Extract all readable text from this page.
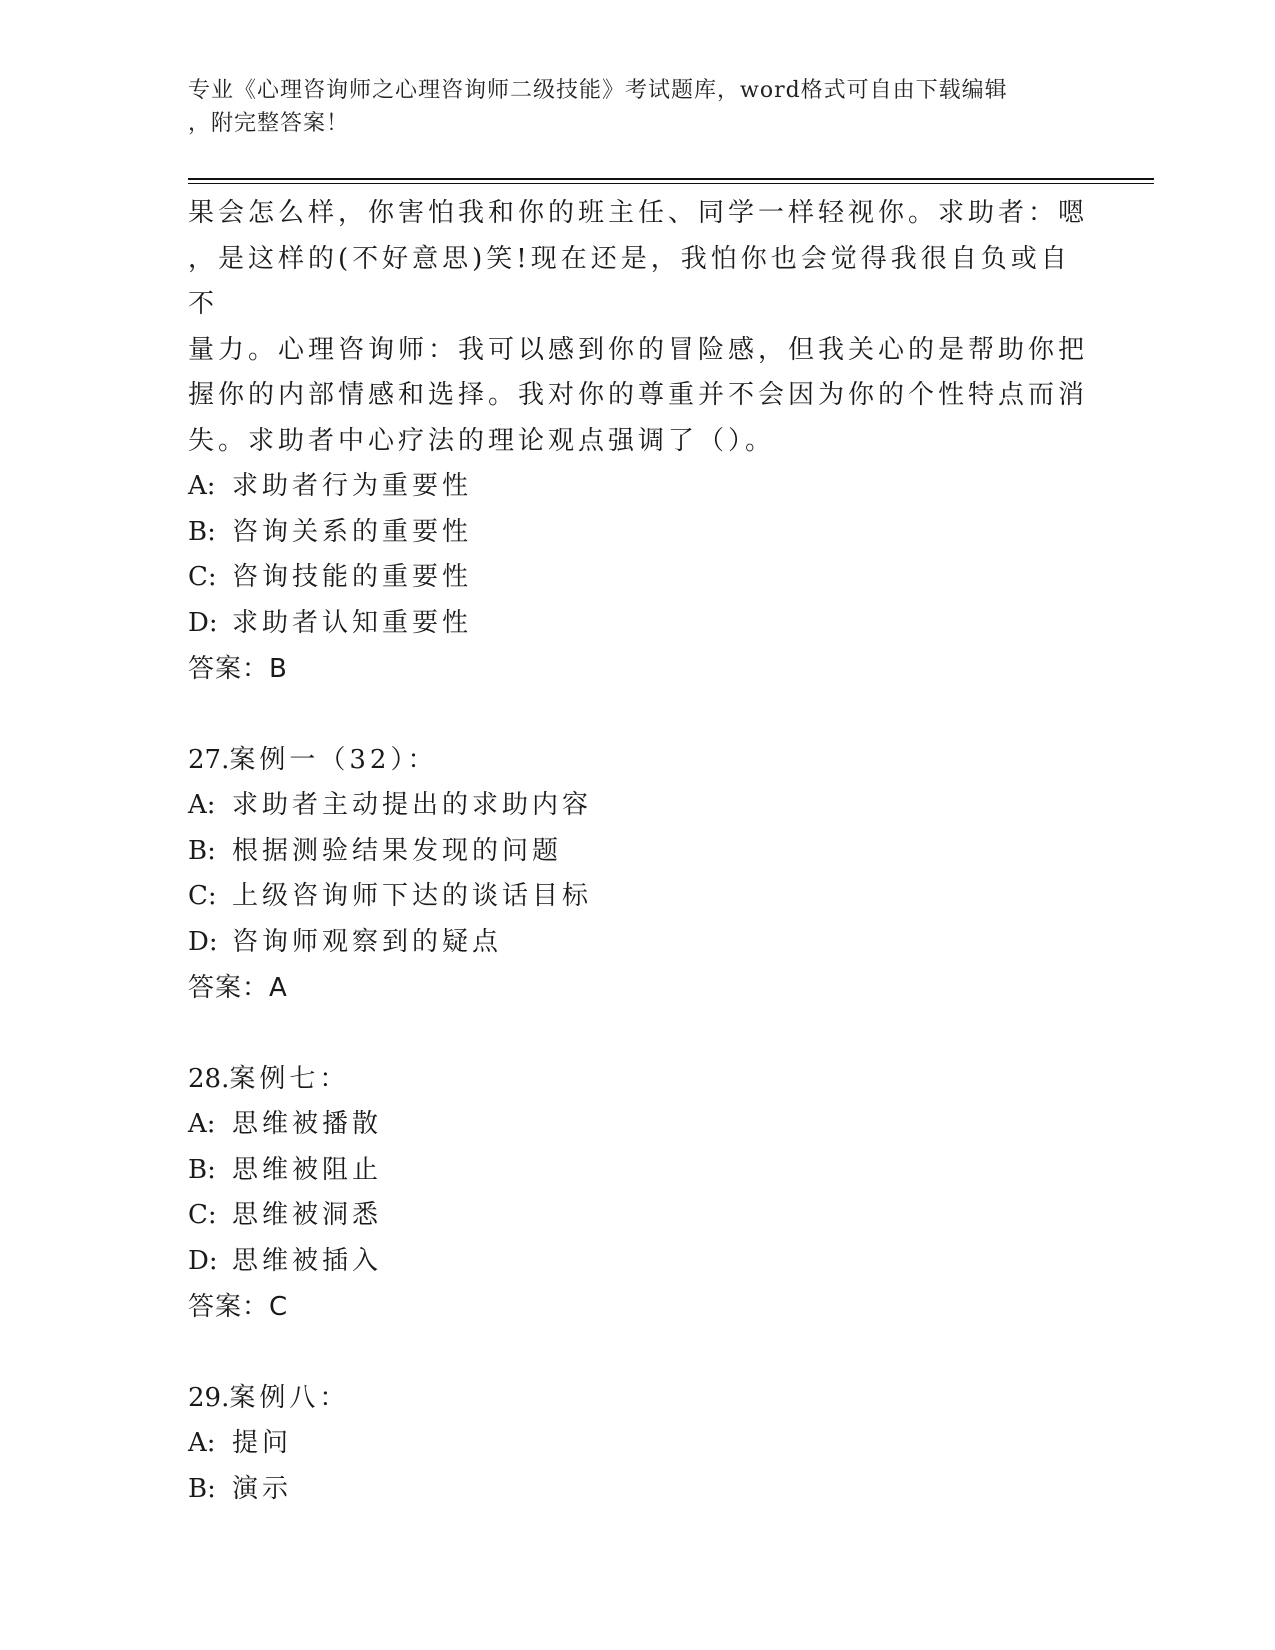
专业《心理咨询师之心理咨询师二级技能》考试题库，word格式可自由下载编辑
，附完整答案！

果会怎么样，你害怕我和你的班主任、同学一样轻视你。求助者：嗯

，是这样的(不好意思)笑!现在还是，我怕你也会觉得我很自负或自不

量力。心理咨询师：我可以感到你的冒险感，但我关心的是帮助你把

握你的内部情感和选择。我对你的尊重并不会因为你的个性特点而消

失。求助者中心疗法的理论观点强调了（）。

A: 求助者行为重要性

B: 咨询关系的重要性

C: 咨询技能的重要性

D: 求助者认知重要性

答案：B

27.案例一（32）：

A: 求助者主动提出的求助内容

B: 根据测验结果发现的问题

C: 上级咨询师下达的谈话目标

D: 咨询师观察到的疑点

答案：A

28.案例七：

A: 思维被播散

B: 思维被阻止

C: 思维被洞悉

D: 思维被插入

答案：C

29.案例八：

A: 提问

B: 演示
